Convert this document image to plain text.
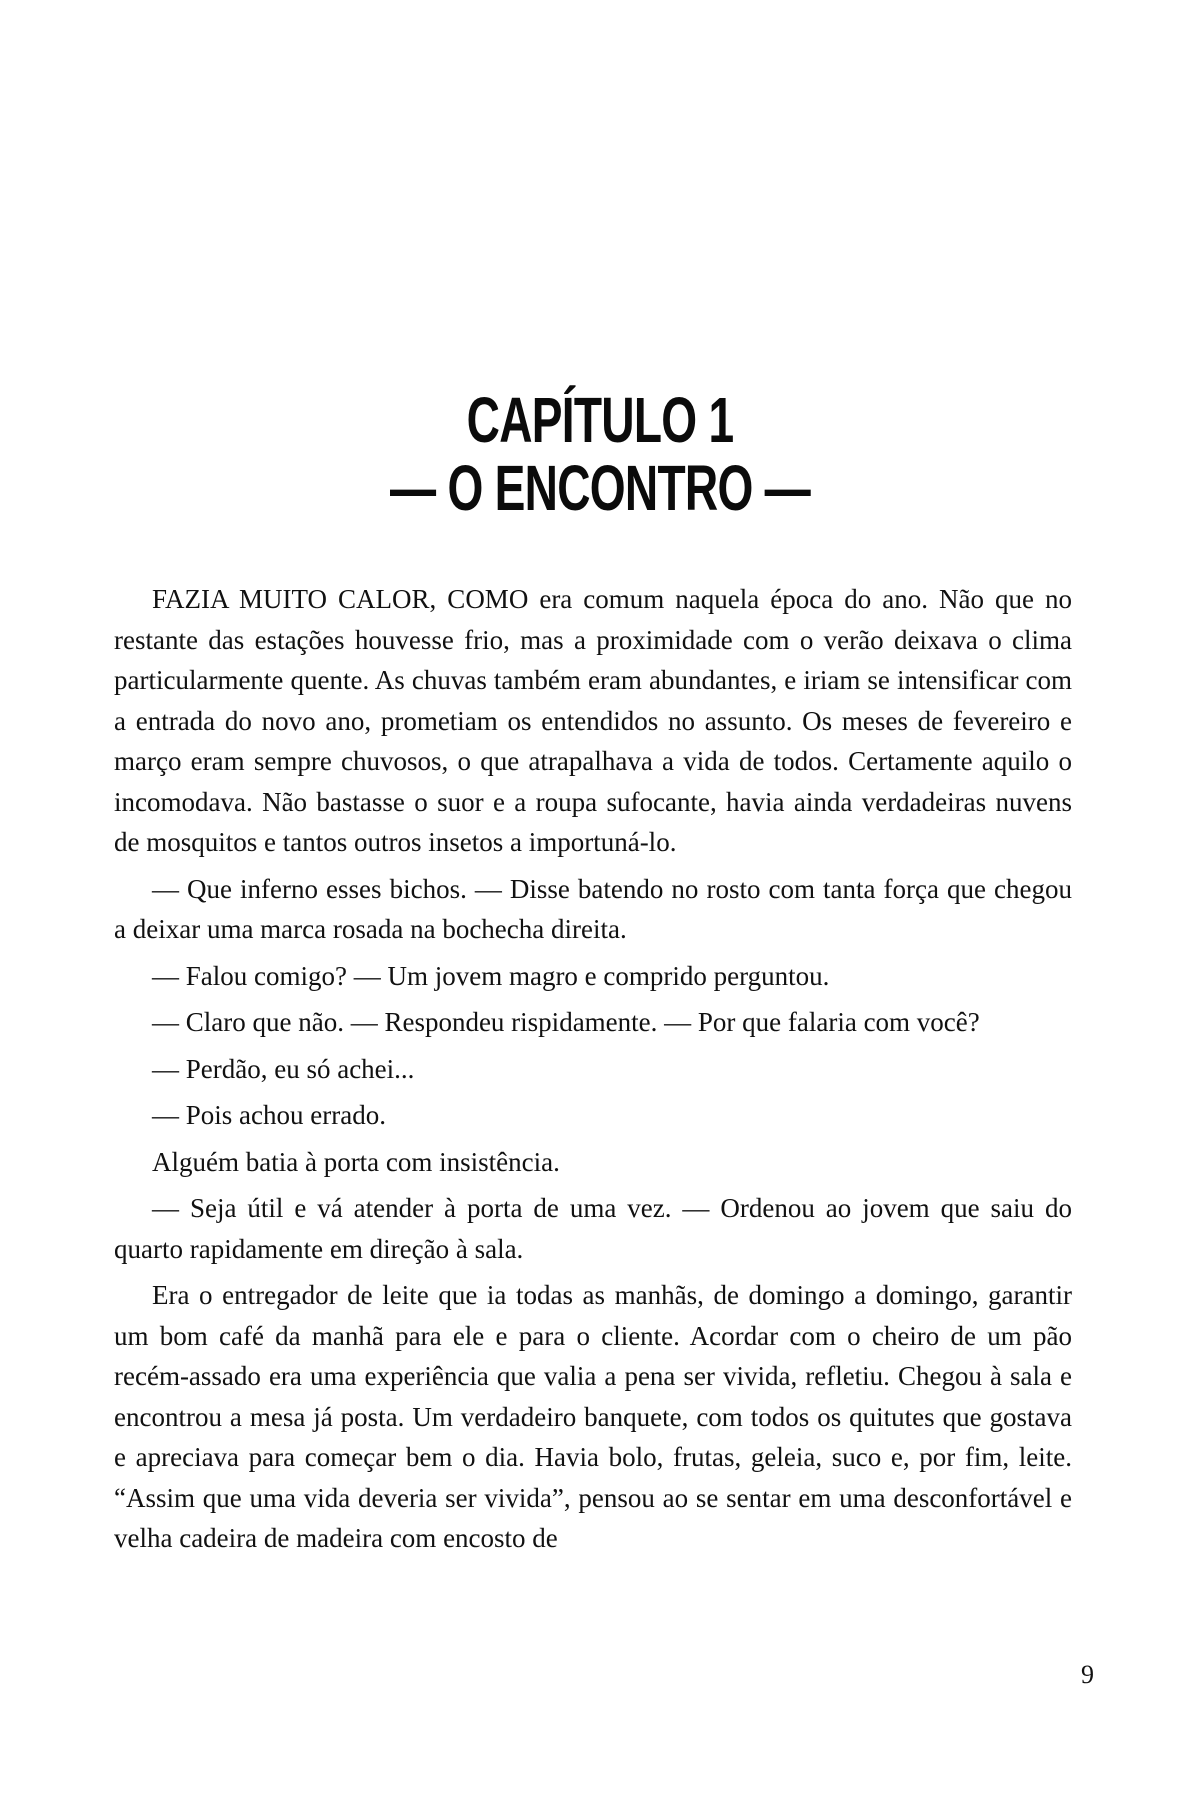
CAPÍTULO 1
— O ENCONTRO —

FAZIA MUITO CALOR, COMO era comum naquela época do ano. Não que no restante das estações houvesse frio, mas a proximidade com o verão deixava o clima particularmente quente. As chuvas também eram abundantes, e iriam se intensificar com a entrada do novo ano, prometiam os entendidos no assunto. Os meses de fevereiro e março eram sempre chuvosos, o que atrapalhava a vida de todos. Certamente aquilo o incomodava. Não bastasse o suor e a roupa sufocante, havia ainda verdadeiras nuvens de mosquitos e tantos outros insetos a importuná-lo.

— Que inferno esses bichos. — Disse batendo no rosto com tanta força que chegou a deixar uma marca rosada na bochecha direita.

— Falou comigo? — Um jovem magro e comprido perguntou.

— Claro que não. — Respondeu rispidamente. — Por que falaria com você?

— Perdão, eu só achei...

— Pois achou errado.

Alguém batia à porta com insistência.

— Seja útil e vá atender à porta de uma vez. — Ordenou ao jovem que saiu do quarto rapidamente em direção à sala.

Era o entregador de leite que ia todas as manhãs, de domingo a domingo, garantir um bom café da manhã para ele e para o cliente. Acordar com o cheiro de um pão recém-assado era uma experiência que valia a pena ser vivida, refletiu. Chegou à sala e encontrou a mesa já posta. Um verdadeiro banquete, com todos os quitutes que gostava e apreciava para começar bem o dia. Havia bolo, frutas, geleia, suco e, por fim, leite. “Assim que uma vida deveria ser vivida”, pensou ao se sentar em uma desconfortável e velha cadeira de madeira com encosto de

9
